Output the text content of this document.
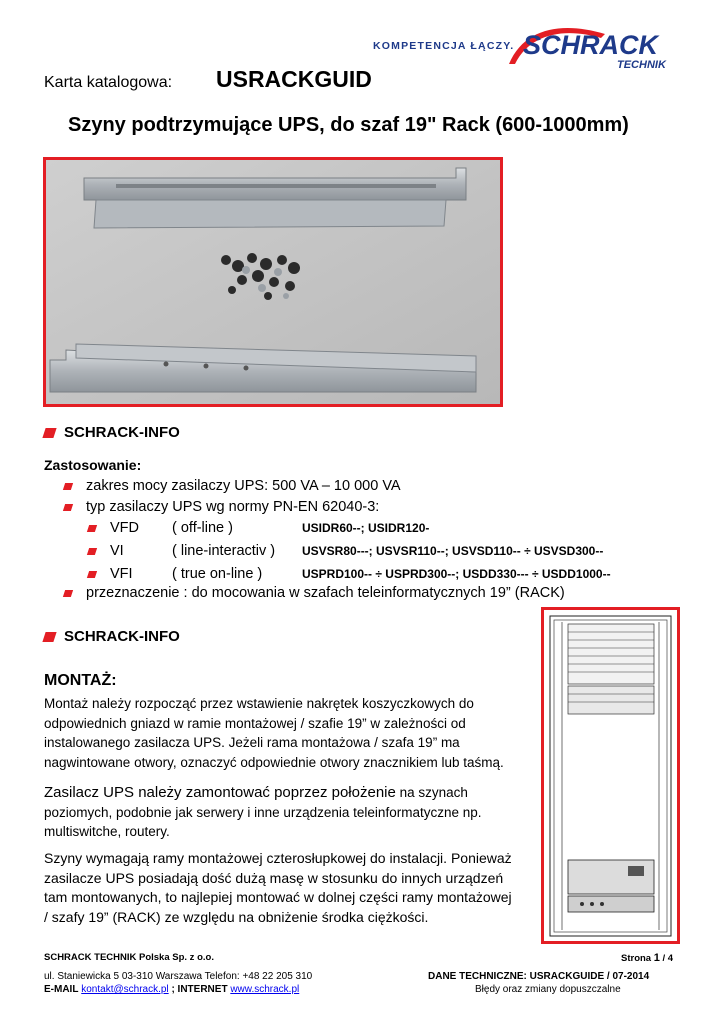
KOMPETENCJA ŁĄCZY. SCHRACK
TECHNIK
Karta katalogowa: USRACKGUID
Szyny podtrzymujące UPS, do szaf 19" Rack (600-1000mm)
SCHRACK-INFO
Zastosowanie:
zakres mocy zasilaczy UPS: 500 VA – 10 000 VA
typ zasilaczy UPS wg normy PN-EN 62040-3:
VFD	( off-line )	USIDR60--; USIDR120-
VI	( line-interactiv )	USVSR80---; USVSR110--; USVSD110-- ÷ USVSD300--
VFI	( true on-line )	USPRD100-- ÷ USPRD300--; USDD330--- ÷ USDD1000--
przeznaczenie : do mocowania w szafach teleinformatycznych 19” (RACK)
SCHRACK-INFO
MONTAŻ:
Montaż należy rozpocząć przez wstawienie nakrętek koszyczkowych do odpowiednich gniazd w ramie montażowej / szafie 19” w zależności od instalowanego zasilacza UPS. Jeżeli rama montażowa / szafa 19” ma nagwintowane otwory, oznaczyć odpowiednie otwory znacznikiem lub taśmą.
Zasilacz UPS należy zamontować poprzez położenie na szynach poziomych, podobnie jak serwery i inne urządzenia teleinformatyczne np. multiswitche, routery.
Szyny wymagają ramy montażowej czterosłupkowej do instalacji. Ponieważ zasilacze UPS posiadają dość dużą masę w stosunku do innych urządzeń tam montowanych, to najlepiej montować w dolnej części ramy montażowej / szafy 19” (RACK) ze względu na obniżenie środka ciężkości.
SCHRACK TECHNIK Polska Sp. z o.o.	Strona 1 / 4
ul. Staniewicka 5 03-310 Warszawa Telefon: +48 22 205 310
E-MAIL kontakt@schrack.pl ; INTERNET www.schrack.pl
DANE TECHNICZNE: USRACKGUIDE / 07-2014
Błędy oraz zmiany dopuszczalne
